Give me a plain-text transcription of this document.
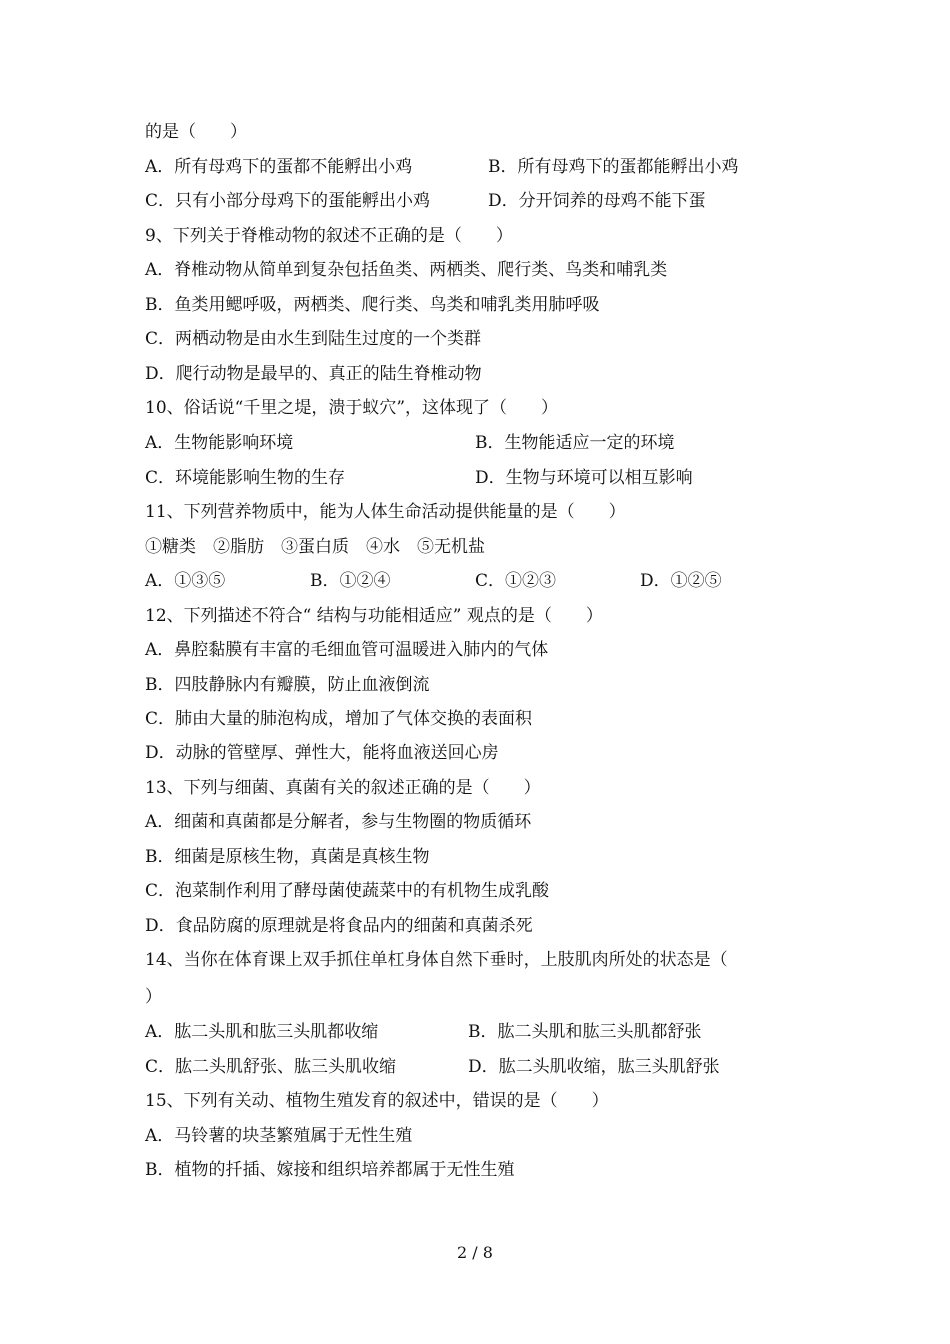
的是（　　）
A．所有母鸡下的蛋都不能孵出小鸡	B．所有母鸡下的蛋都能孵出小鸡
C．只有小部分母鸡下的蛋能孵出小鸡	D．分开饲养的母鸡不能下蛋
9、下列关于脊椎动物的叙述不正确的是（　　）
A．脊椎动物从简单到复杂包括鱼类、两栖类、爬行类、鸟类和哺乳类
B．鱼类用鳃呼吸，两栖类、爬行类、鸟类和哺乳类用肺呼吸
C．两栖动物是由水生到陆生过度的一个类群
D．爬行动物是最早的、真正的陆生脊椎动物
10、俗话说“千里之堤，溃于蚁穴”，这体现了（　　）
A．生物能影响环境	B．生物能适应一定的环境
C．环境能影响生物的生存	D．生物与环境可以相互影响
11、下列营养物质中，能为人体生命活动提供能量的是（　　）
①糖类　②脂肪　③蛋白质　④水　⑤无机盐
A．①③⑤	B．①②④	C．①②③	D．①②⑤
12、下列描述不符合“ 结构与功能相适应” 观点的是（　　）
A．鼻腔黏膜有丰富的毛细血管可温暖进入肺内的气体
B．四肢静脉内有瓣膜，防止血液倒流
C．肺由大量的肺泡构成，增加了气体交换的表面积
D．动脉的管壁厚、弹性大，能将血液送回心房
13、下列与细菌、真菌有关的叙述正确的是（　　）
A．细菌和真菌都是分解者，参与生物圈的物质循环
B．细菌是原核生物，真菌是真核生物
C．泡菜制作利用了酵母菌使蔬菜中的有机物生成乳酸
D．食品防腐的原理就是将食品内的细菌和真菌杀死
14、当你在体育课上双手抓住单杠身体自然下垂时，上肢肌肉所处的状态是（
）
A．肱二头肌和肱三头肌都收缩	B．肱二头肌和肱三头肌都舒张
C．肱二头肌舒张、肱三头肌收缩	D．肱二头肌收缩，肱三头肌舒张
15、下列有关动、植物生殖发育的叙述中，错误的是（　　）
A．马铃薯的块茎繁殖属于无性生殖
B．植物的扦插、嫁接和组织培养都属于无性生殖
2 / 8
